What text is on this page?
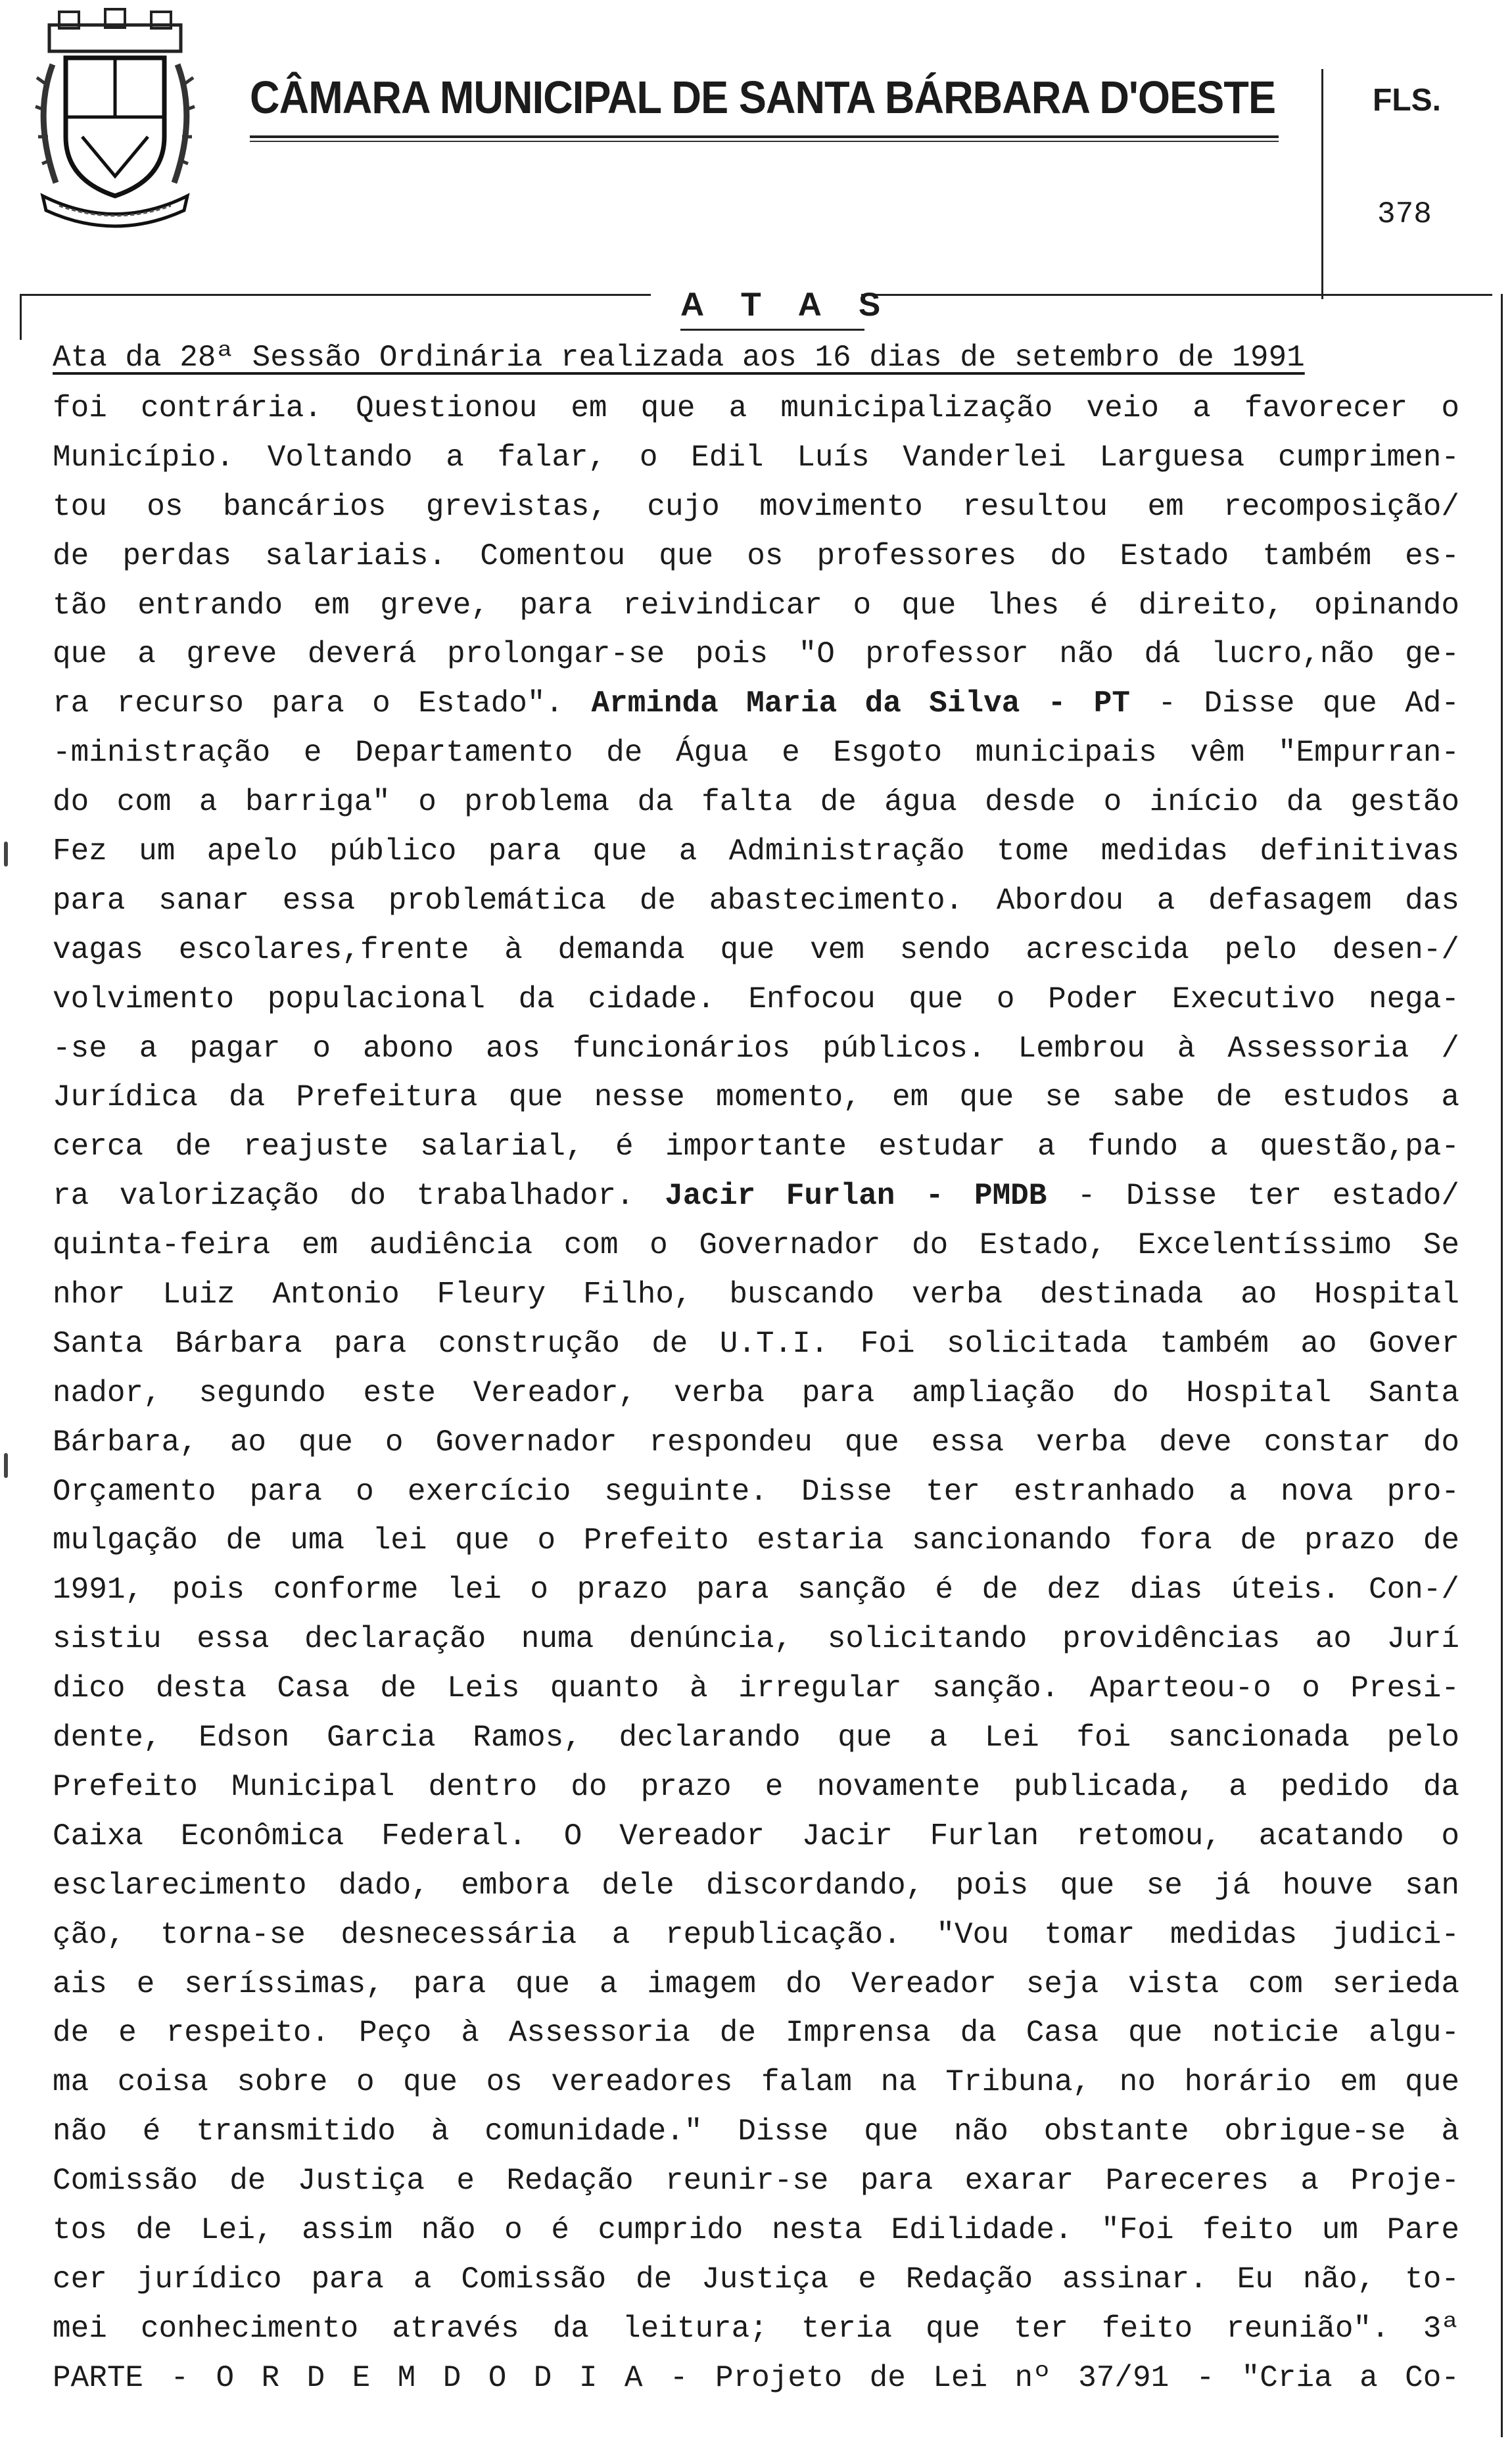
CÂMARA MUNICIPAL DE SANTA BÁRBARA D'OESTE	FLS.
378
A T A S
Ata da 28ª Sessão Ordinária realizada aos 16 dias de setembro de 1991
foi contrária. Questionou em que a municipalização veio a favorecer o
Município. Voltando a falar, o Edil Luís Vanderlei Larguesa cumprimen-
tou os bancários grevistas, cujo movimento resultou em recomposição/
de perdas salariais. Comentou que os professores do Estado também es-
tão entrando em greve, para reivindicar o que lhes é direito, opinando
que a greve deverá prolongar-se pois "O professor não dá lucro,não ge-
ra recurso para o Estado". Arminda Maria da Silva - PT - Disse que Ad-
-ministração e Departamento de Água e Esgoto municipais vêm "Empurran-
do com a barriga" o problema da falta de água desde o início da gestão
Fez um apelo público para que a Administração tome medidas definitivas
para sanar essa problemática de abastecimento. Abordou a defasagem das
vagas escolares,frente à demanda que vem sendo acrescida pelo desen-/
volvimento populacional da cidade. Enfocou que o Poder Executivo nega-
-se a pagar o abono aos funcionários públicos. Lembrou à Assessoria /
Jurídica da Prefeitura que nesse momento, em que se sabe de estudos a
cerca de reajuste salarial, é importante estudar a fundo a questão,pa-
ra valorização do trabalhador. Jacir Furlan - PMDB - Disse ter estado/
quinta-feira em audiência com o Governador do Estado, Excelentíssimo Se
nhor Luiz Antonio Fleury Filho, buscando verba destinada ao Hospital
Santa Bárbara para construção de U.T.I. Foi solicitada também ao Gover
nador, segundo este Vereador, verba para ampliação do Hospital Santa
Bárbara, ao que o Governador respondeu que essa verba deve constar do
Orçamento para o exercício seguinte. Disse ter estranhado a nova pro-
mulgação de uma lei que o Prefeito estaria sancionando fora de prazo de
1991, pois conforme lei o prazo para sanção é de dez dias úteis. Con-/
sistiu essa declaração numa denúncia, solicitando providências ao Jurí
dico desta Casa de Leis quanto à irregular sanção. Aparteou-o o Presi-
dente, Edson Garcia Ramos, declarando que a Lei foi sancionada pelo
Prefeito Municipal dentro do prazo e novamente publicada, a pedido da
Caixa Econômica Federal. O Vereador Jacir Furlan retomou, acatando o
esclarecimento dado, embora dele discordando, pois que se já houve san
ção, torna-se desnecessária a republicação. "Vou tomar medidas judici-
ais e seríssimas, para que a imagem do Vereador seja vista com serieda
de e respeito. Peço à Assessoria de Imprensa da Casa que noticie algu-
ma coisa sobre o que os vereadores falam na Tribuna, no horário em que
não é transmitido à comunidade." Disse que não obstante obrigue-se à
Comissão de Justiça e Redação reunir-se para exarar Pareceres a Proje-
tos de Lei, assim não o é cumprido nesta Edilidade. "Foi feito um Pare
cer jurídico para a Comissão de Justiça e Redação assinar. Eu não, to-
mei conhecimento através da leitura; teria que ter feito reunião". 3ª
PARTE - O R D E M D O D I A - Projeto de Lei nº 37/91 - "Cria a Co-
